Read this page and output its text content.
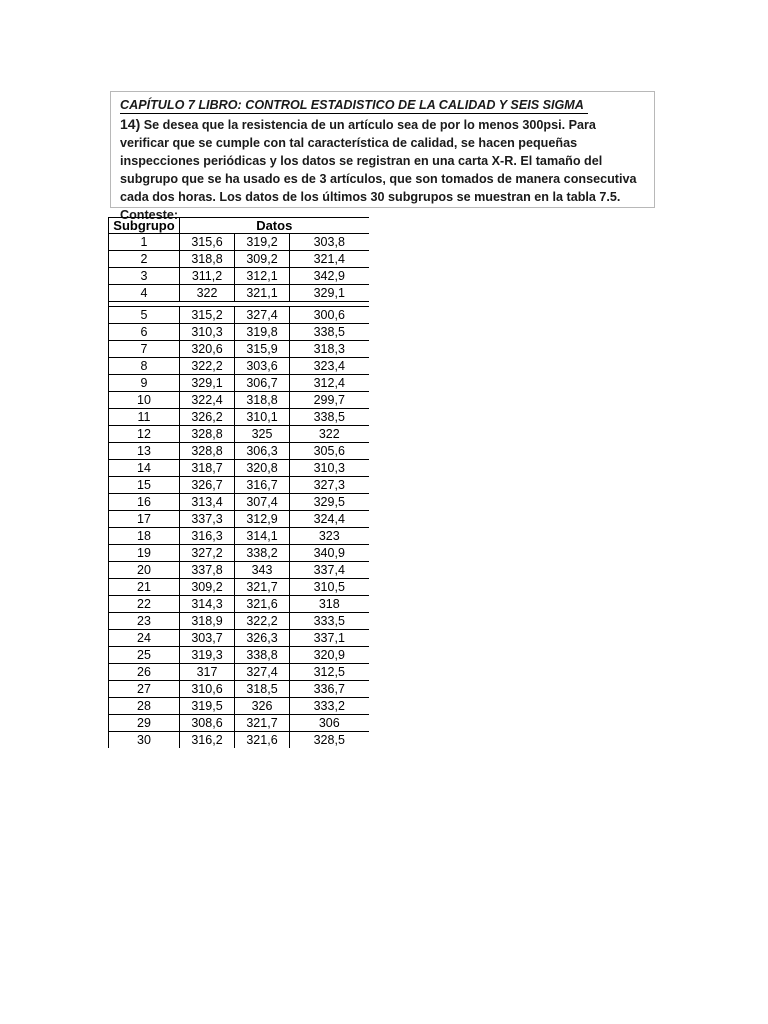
CAPÍTULO 7 LIBRO: CONTROL ESTADISTICO DE LA CALIDAD Y SEIS SIGMA
14) Se desea que la resistencia de un artículo sea de por lo menos 300psi. Para verificar que se cumple con tal característica de calidad, se hacen pequeñas inspecciones periódicas y los datos se registran en una carta X-R. El tamaño del subgrupo que se ha usado es de 3 artículos, que son tomados de manera consecutiva cada dos horas. Los datos de los últimos 30 subgrupos se muestran en la tabla 7.5. Conteste:
Subgrupo	Datos		
1	315,6	319,2	303,8
2	318,8	309,2	321,4
3	311,2	312,1	342,9
4	322	321,1	329,1

5	315,2	327,4	300,6
6	310,3	319,8	338,5
7	320,6	315,9	318,3
8	322,2	303,6	323,4
9	329,1	306,7	312,4
10	322,4	318,8	299,7
11	326,2	310,1	338,5
12	328,8	325	322
13	328,8	306,3	305,6
14	318,7	320,8	310,3
15	326,7	316,7	327,3
16	313,4	307,4	329,5
17	337,3	312,9	324,4
18	316,3	314,1	323
19	327,2	338,2	340,9
20	337,8	343	337,4
21	309,2	321,7	310,5
22	314,3	321,6	318
23	318,9	322,2	333,5
24	303,7	326,3	337,1
25	319,3	338,8	320,9
26	317	327,4	312,5
27	310,6	318,5	336,7
28	319,5	326	333,2
29	308,6	321,7	306
30	316,2	321,6	328,5
